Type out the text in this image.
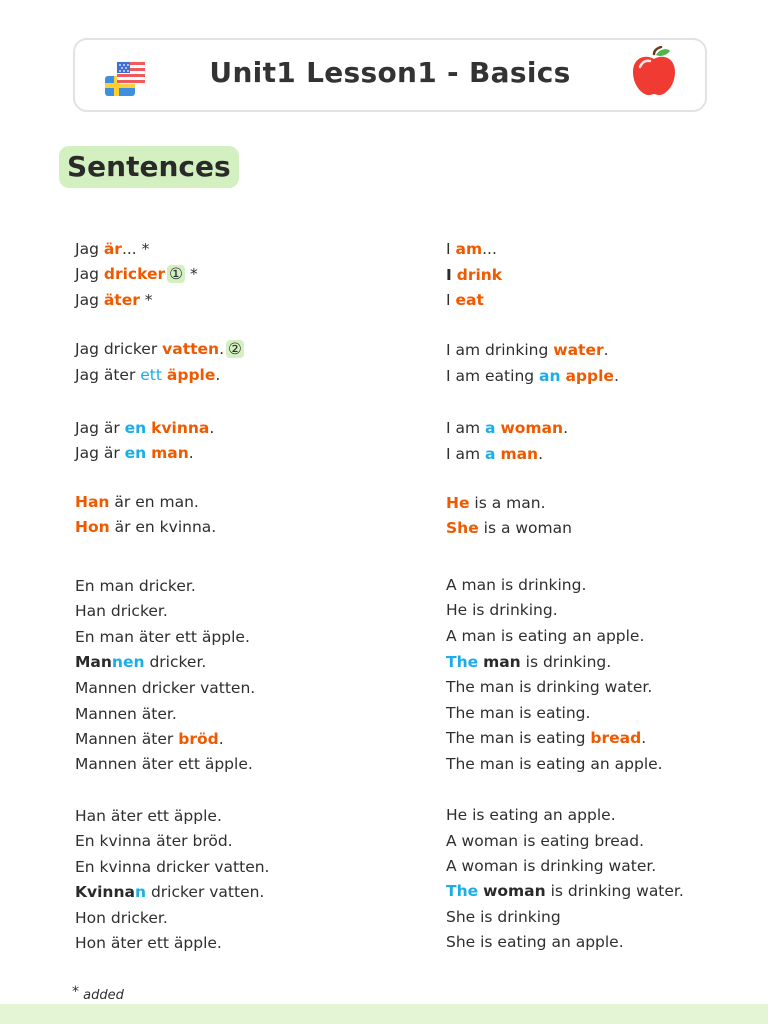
Unit1 Lesson1 - Basics
Sentences
Jag är... *
Jag dricker ① *
Jag äter *
Jag dricker vatten. ②
Jag äter ett äpple.
Jag är en kvinna.
Jag är en man.
Han är en man.
Hon är en kvinna.
En man dricker.
Han dricker.
En man äter ett äpple.
Mannen dricker.
Mannen dricker vatten.
Mannen äter.
Mannen äter bröd.
Mannen äter ett äpple.
Han äter ett äpple.
En kvinna äter bröd.
En kvinna dricker vatten.
Kvinnan dricker vatten.
Hon dricker.
Hon äter ett äpple.
I am...
I drink
I eat
I am drinking water.
I am eating an apple.
I am a woman.
I am a man.
He is a man.
She is a woman
A man is drinking.
He is drinking.
A man is eating an apple.
The man is drinking.
The man is drinking water.
The man is eating.
The man is eating bread.
The man is eating an apple.
He is eating an apple.
A woman is eating bread.
A woman is drinking water.
The woman is drinking water.
She is drinking
She is eating an apple.
* added
